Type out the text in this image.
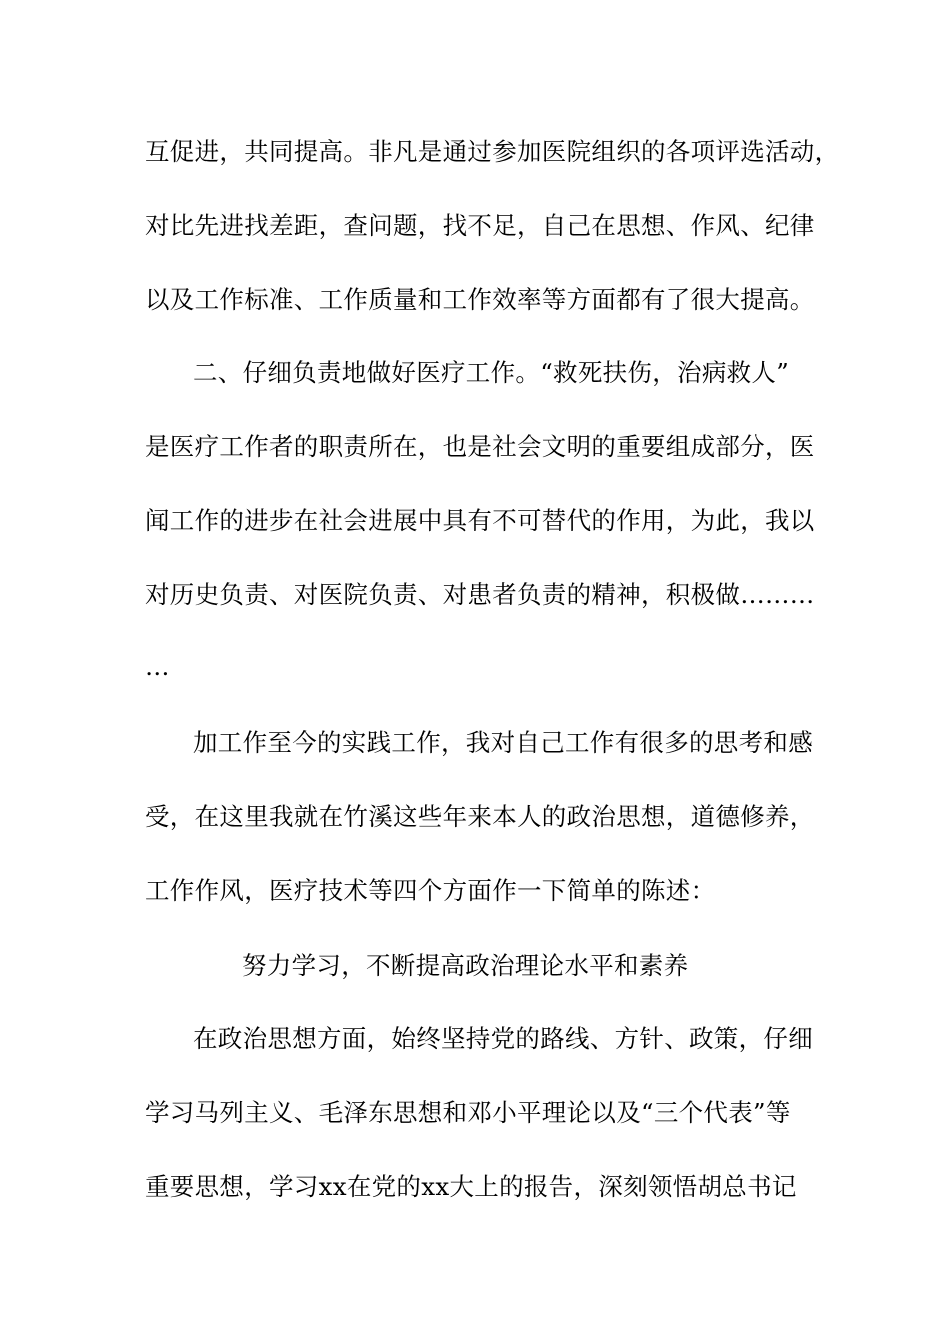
互促进，共同提高。非凡是通过参加医院组织的各项评选活动，
对比先进找差距，查问题，找不足，自己在思想、作风、纪律
以及工作标准、工作质量和工作效率等方面都有了很大提高。
二、仔细负责地做好医疗工作。“救死扶伤，治病救人”
是医疗工作者的职责所在，也是社会文明的重要组成部分，医
闻工作的进步在社会进展中具有不可替代的作用，为此，我以
对历史负责、对医院负责、对患者负责的精神，积极做………
…
加工作至今的实践工作，我对自己工作有很多的思考和感
受，在这里我就在竹溪这些年来本人的政治思想，道德修养，
工作作风，医疗技术等四个方面作一下简单的陈述：
努力学习，不断提高政治理论水平和素养
在政治思想方面，始终坚持党的路线、方针、政策，仔细
学习马列主义、毛泽东思想和邓小平理论以及“三个代表”等
重要思想，学习xx在党的xx大上的报告，深刻领悟胡总书记
